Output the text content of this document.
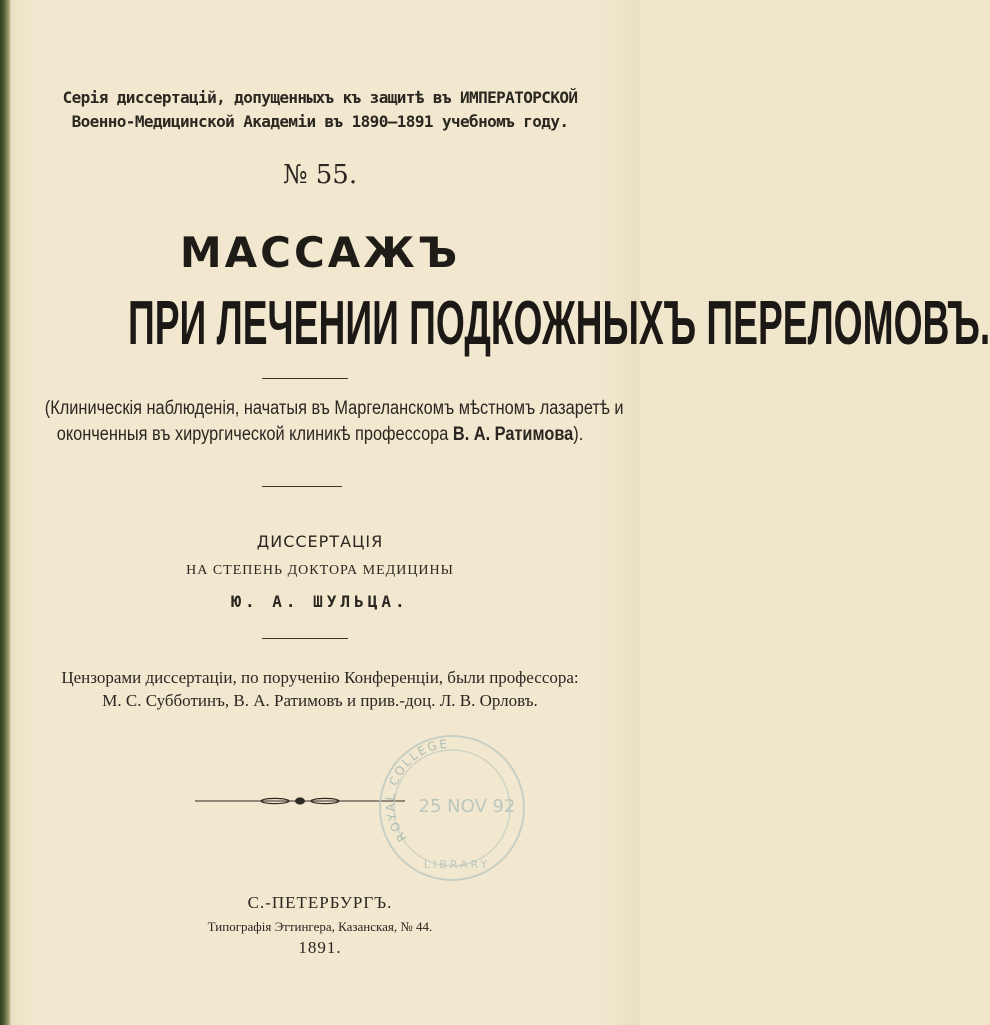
Серія диссертацій, допущенныхъ къ защитѣ въ ИМПЕРАТОРСКОЙ
Военно-Медицинской Академіи въ 1890—1891 учебномъ году.
№ 55.
МАССАЖЪ
ПРИ ЛЕЧЕНИИ ПОДКОЖНЫХЪ ПЕРЕЛОМОВЪ.
(Клиническія наблюденія, начатыя въ Маргеланскомъ мѣстномъ лазаретѣ и
оконченныя въ хирургической клиникѣ профессора В. А. Ратимова).
ДИССЕРТАЦІЯ
НА СТЕПЕНЬ ДОКТОРА МЕДИЦИНЫ
Ю. А. ШУЛЬЦА.
Цензорами диссертаціи, по порученію Конференціи, были профессора:
М. С. Субботинъ, В. А. Ратимовъ и прив.-доц. Л. В. Орловъ.
ROYAL COLLEGE
25 NOV 92
LIBRARY
С.-ПЕТЕРБУРГЪ.
Типографія Эттингера, Казанская, № 44.
1891.
